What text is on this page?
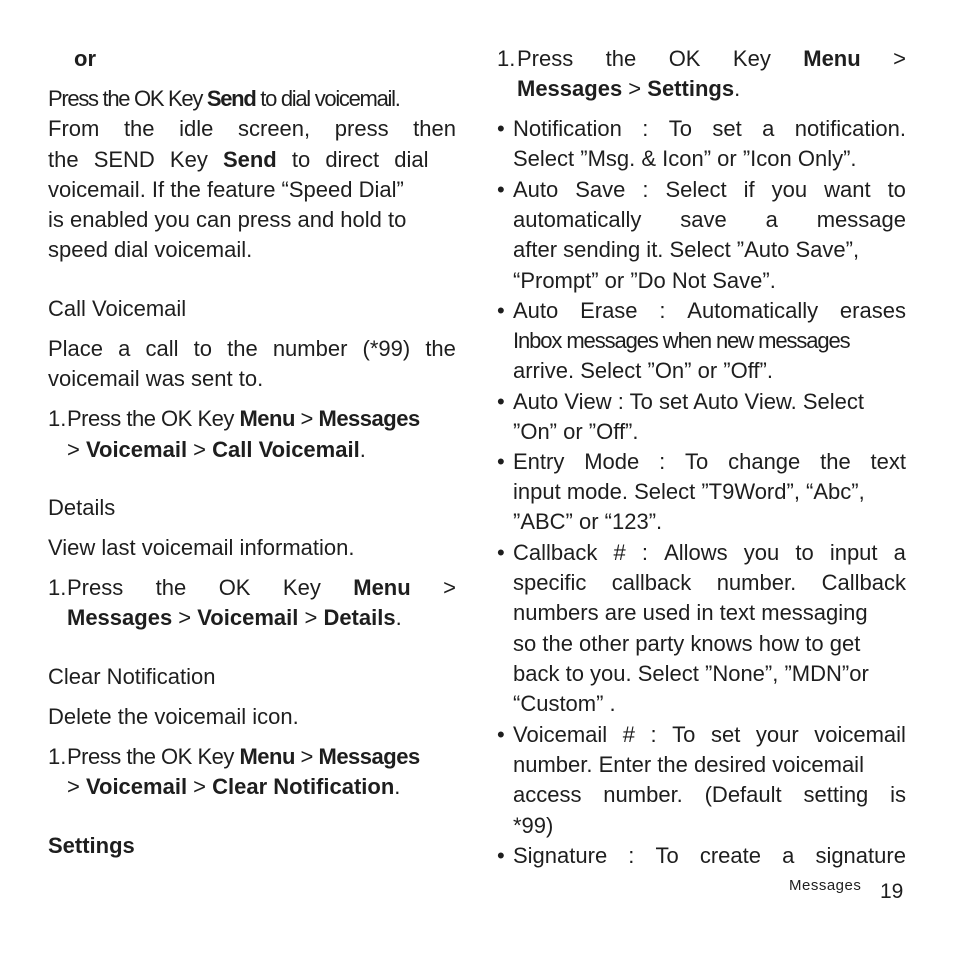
or
Press the OK Key Send to dial voicemail.
From the idle screen, press then
the SEND Key Send to direct dial
voicemail. If the feature “Speed Dial”
is enabled you can press and hold to
speed dial voicemail.
Call Voicemail
Place a call to the number (*99) the
voicemail was sent to.
1. Press the OK Key Menu > Messages
> Voicemail > Call Voicemail.
Details
View last voicemail information.
1. Press the OK Key Menu >
Messages > Voicemail > Details.
Clear Notification
Delete the voicemail icon.
1. Press the OK Key Menu > Messages
> Voicemail > Clear Notification.
Settings
1. Press the OK Key Menu >
Messages > Settings.
• Notification : To set a notification.
Select ”Msg. & Icon” or ”Icon Only”.
• Auto Save : Select if you want to
automatically save a message
after sending it. Select ”Auto Save”,
“Prompt” or ”Do Not Save”.
• Auto Erase : Automatically erases
Inbox messages when new messages
arrive. Select ”On” or ”Off”.
• Auto View : To set Auto View. Select
”On” or ”Off”.
• Entry Mode : To change the text
input mode. Select ”T9Word”, “Abc”,
”ABC” or “123”.
• Callback # : Allows you to input a
specific callback number. Callback
numbers are used in text messaging
so the other party knows how to get
back to you. Select ”None”, ”MDN”or
“Custom” .
• Voicemail # : To set your voicemail
number. Enter the desired voicemail
access number. (Default setting is
*99)
• Signature : To create a signature
Messages 19
